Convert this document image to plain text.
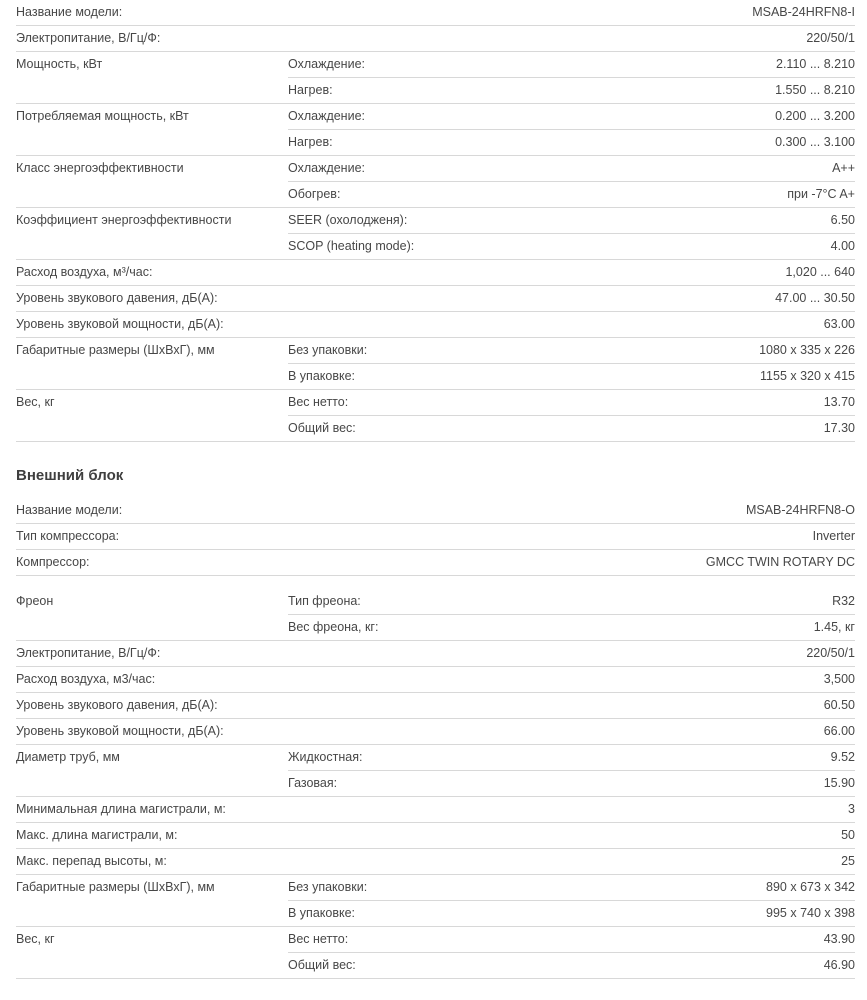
Название модели:	MSAB-24HRFN8-I
Электропитание, В/Гц/Ф:	220/50/1
Мощность, кВт	Охлаждение:	2.110 ... 8.210
Нагрев:	1.550 ... 8.210
Потребляемая мощность, кВт	Охлаждение:	0.200 ... 3.200
Нагрев:	0.300 ... 3.100
Класс энергоэффективности	Охлаждение:	A++
Обогрев:	при -7°C A+
Коэффициент энергоэффективности	SEER (охолодженя):	6.50
SCOP (heating mode):	4.00
Расход воздуха, м³/час:	1,020 ... 640
Уровень звукового давения, дБ(А):	47.00 ... 30.50
Уровень звуковой мощности, дБ(А):	63.00
Габаритные размеры (ШхВхГ), мм	Без упаковки:	1080 x 335 x 226
В упаковке:	1155 x 320 x 415
Вес, кг	Вес нетто:	13.70
Общий вес:	17.30
Внешний блок
Название модели:	MSAB-24HRFN8-O
Тип компрессора:	Inverter
Компрессор:	GMCC TWIN ROTARY DC
Фреон	Тип фреона:	R32
Вес фреона, кг:	1.45, кг
Электропитание, В/Гц/Ф:	220/50/1
Расход воздуха, м3/час:	3,500
Уровень звукового давения, дБ(А):	60.50
Уровень звуковой мощности, дБ(А):	66.00
Диаметр труб, мм	Жидкостная:	9.52
Газовая:	15.90
Минимальная длина магистрали, м:	3
Макс. длина магистрали, м:	50
Макс. перепад высоты, м:	25
Габаритные размеры (ШхВхГ), мм	Без упаковки:	890 x 673 x 342
В упаковке:	995 x 740 x 398
Вес, кг	Вес нетто:	43.90
Общий вес:	46.90
